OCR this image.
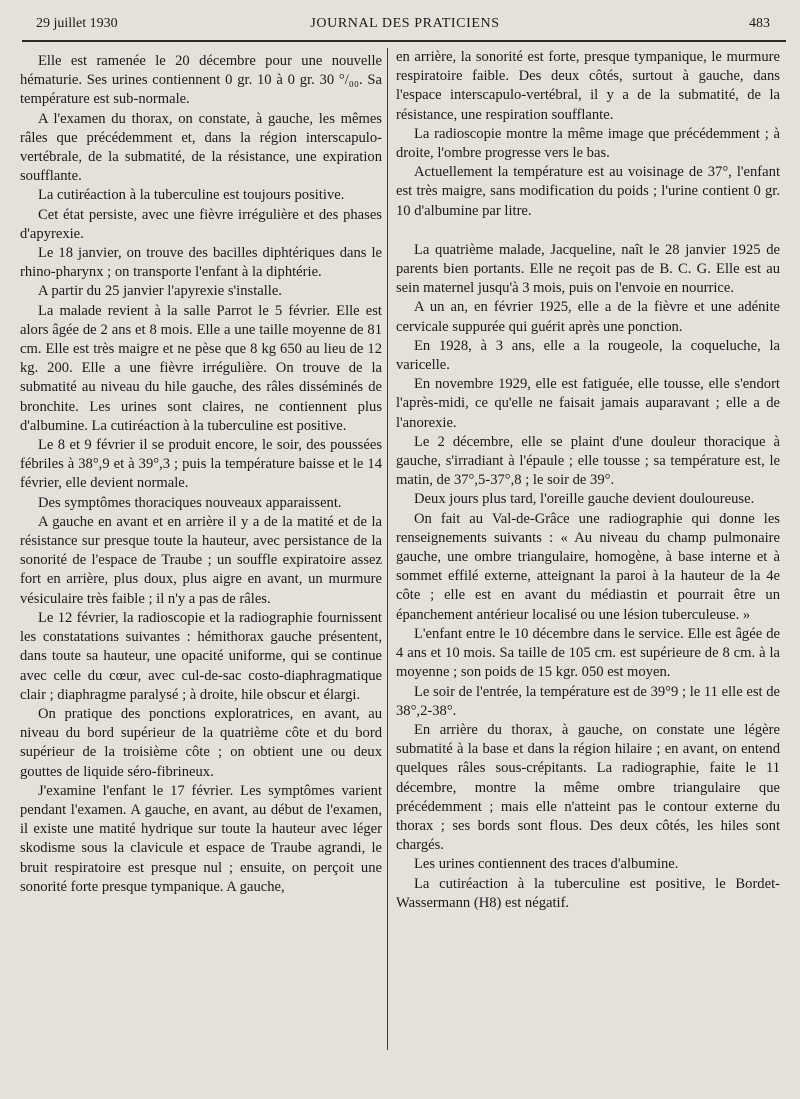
29 juillet 1930	JOURNAL DES PRATICIENS	483

Elle est ramenée le 20 décembre pour une nouvelle hématurie. Ses urines contiennent 0 gr. 10 à 0 gr. 30 °/₀₀. Sa température est sub-normale.

A l'examen du thorax, on constate, à gauche, les mêmes râles que précédemment et, dans la région interscapulo-vertébrale, de la submatité, de la résistance, une expiration soufflante.

La cutiréaction à la tuberculine est toujours positive.

Cet état persiste, avec une fièvre irrégulière et des phases d'apyrexie.

Le 18 janvier, on trouve des bacilles diphtériques dans le rhino-pharynx ; on transporte l'enfant à la diphtérie.

A partir du 25 janvier l'apyrexie s'installe.

La malade revient à la salle Parrot le 5 février. Elle est alors âgée de 2 ans et 8 mois. Elle a une taille moyenne de 81 cm. Elle est très maigre et ne pèse que 8 kg 650 au lieu de 12 kg. 200. Elle a une fièvre irrégulière. On trouve de la submatité au niveau du hile gauche, des râles disséminés de bronchite. Les urines sont claires, ne contiennent plus d'albumine. La cutiréaction à la tuberculine est positive.

Le 8 et 9 février il se produit encore, le soir, des poussées fébriles à 38°,9 et à 39°,3 ; puis la température baisse et le 14 février, elle devient normale.

Des symptômes thoraciques nouveaux apparaissent.

A gauche en avant et en arrière il y a de la matité et de la résistance sur presque toute la hauteur, avec persistance de la sonorité de l'espace de Traube ; un souffle expiratoire assez fort en arrière, plus doux, plus aigre en avant, un murmure vésiculaire très faible ; il n'y a pas de râles.

Le 12 février, la radioscopie et la radiographie fournissent les constatations suivantes : hémithorax gauche présentent, dans toute sa hauteur, une opacité uniforme, qui se continue avec celle du cœur, avec cul-de-sac costo-diaphragmatique clair ; diaphragme paralysé ; à droite, hile obscur et élargi.

On pratique des ponctions exploratrices, en avant, au niveau du bord supérieur de la quatrième côte et du bord supérieur de la troisième côte ; on obtient une ou deux gouttes de liquide séro-fibrineux.

J'examine l'enfant le 17 février. Les symptômes varient pendant l'examen. A gauche, en avant, au début de l'examen, il existe une matité hydrique sur toute la hauteur avec léger skodisme sous la clavicule et espace de Traube agrandi, le bruit respiratoire est presque nul ; ensuite, on perçoit une sonorité forte presque tympanique. A gauche,

en arrière, la sonorité est forte, presque tympanique, le murmure respiratoire faible. Des deux côtés, surtout à gauche, dans l'espace interscapulo-vertébral, il y a de la submatité, de la résistance, une respiration soufflante.

La radioscopie montre la même image que précédemment ; à droite, l'ombre progresse vers le bas.

Actuellement la température est au voisinage de 37°, l'enfant est très maigre, sans modification du poids ; l'urine contient 0 gr. 10 d'albumine par litre.

La quatrième malade, Jacqueline, naît le 28 janvier 1925 de parents bien portants. Elle ne reçoit pas de B. C. G. Elle est au sein maternel jusqu'à 3 mois, puis on l'envoie en nourrice.

A un an, en février 1925, elle a de la fièvre et une adénite cervicale suppurée qui guérit après une ponction.

En 1928, à 3 ans, elle a la rougeole, la coqueluche, la varicelle.

En novembre 1929, elle est fatiguée, elle tousse, elle s'endort l'après-midi, ce qu'elle ne faisait jamais auparavant ; elle a de l'anorexie.

Le 2 décembre, elle se plaint d'une douleur thoracique à gauche, s'irradiant à l'épaule ; elle tousse ; sa température est, le matin, de 37°,5-37°,8 ; le soir de 39°.

Deux jours plus tard, l'oreille gauche devient douloureuse.

On fait au Val-de-Grâce une radiographie qui donne les renseignements suivants : « Au niveau du champ pulmonaire gauche, une ombre triangulaire, homogène, à base interne et à sommet effilé externe, atteignant la paroi à la hauteur de la 4e côte ; elle est en avant du médiastin et pourrait être un épanchement antérieur localisé ou une lésion tuberculeuse. »

L'enfant entre le 10 décembre dans le service. Elle est âgée de 4 ans et 10 mois. Sa taille de 105 cm. est supérieure de 8 cm. à la moyenne ; son poids de 15 kgr. 050 est moyen.

Le soir de l'entrée, la température est de 39°9 ; le 11 elle est de 38°,2-38°.

En arrière du thorax, à gauche, on constate une légère submatité à la base et dans la région hilaire ; en avant, on entend quelques râles sous-crépitants. La radiographie, faite le 11 décembre, montre la même ombre triangulaire que précédemment ; mais elle n'atteint pas le contour externe du thorax ; ses bords sont flous. Des deux côtés, les hiles sont chargés.

Les urines contiennent des traces d'albumine.

La cutiréaction à la tuberculine est positive, le Bordet-Wassermann (H8) est négatif.
